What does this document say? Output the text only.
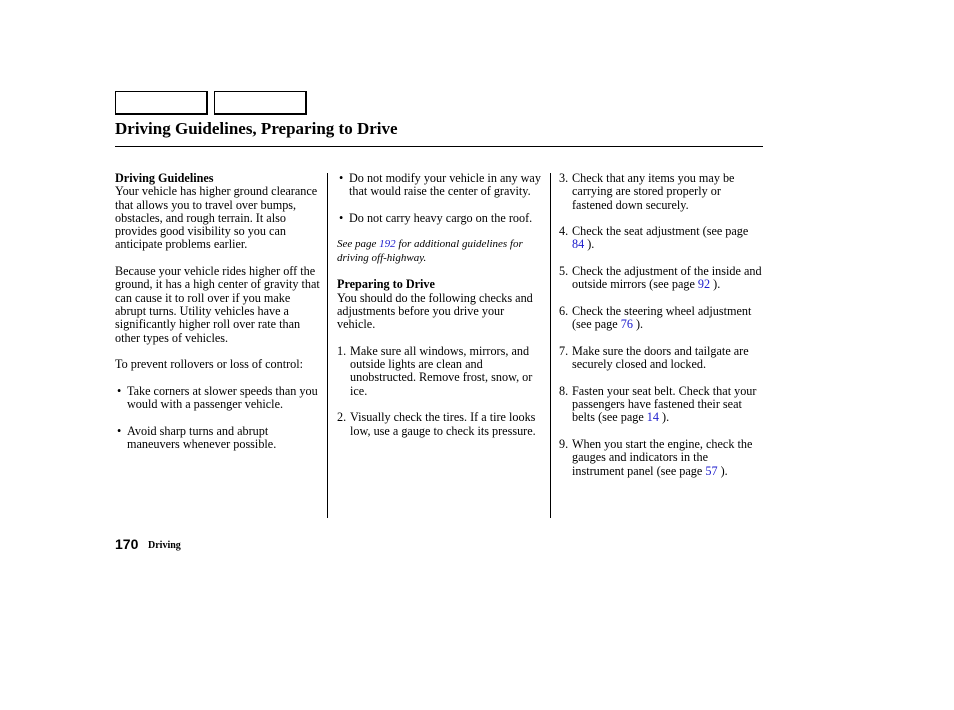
Driving Guidelines, Preparing to Drive
Driving Guidelines

Your vehicle has higher ground clearance that allows you to travel over bumps, obstacles, and rough terrain. It also provides good visibility so you can anticipate problems earlier.

Because your vehicle rides higher off the ground, it has a high center of gravity that can cause it to roll over if you make abrupt turns. Utility vehicles have a significantly higher roll over rate than other types of vehicles.

To prevent rollovers or loss of control:

• Take corners at slower speeds than you would with a passenger vehicle.
• Avoid sharp turns and abrupt maneuvers whenever possible.
• Do not modify your vehicle in any way that would raise the center of gravity.
• Do not carry heavy cargo on the roof.

See page 192 for additional guidelines for driving off-highway.

Preparing to Drive

You should do the following checks and adjustments before you drive your vehicle.

1. Make sure all windows, mirrors, and outside lights are clean and unobstructed. Remove frost, snow, or ice.
2. Visually check the tires. If a tire looks low, use a gauge to check its pressure.
3. Check that any items you may be carrying are stored properly or fastened down securely.
4. Check the seat adjustment (see page 84 ).
5. Check the adjustment of the inside and outside mirrors (see page 92 ).
6. Check the steering wheel adjustment (see page 76 ).
7. Make sure the doors and tailgate are securely closed and locked.
8. Fasten your seat belt. Check that your passengers have fastened their seat belts (see page 14 ).
9. When you start the engine, check the gauges and indicators in the instrument panel (see page 57 ).
170 Driving
